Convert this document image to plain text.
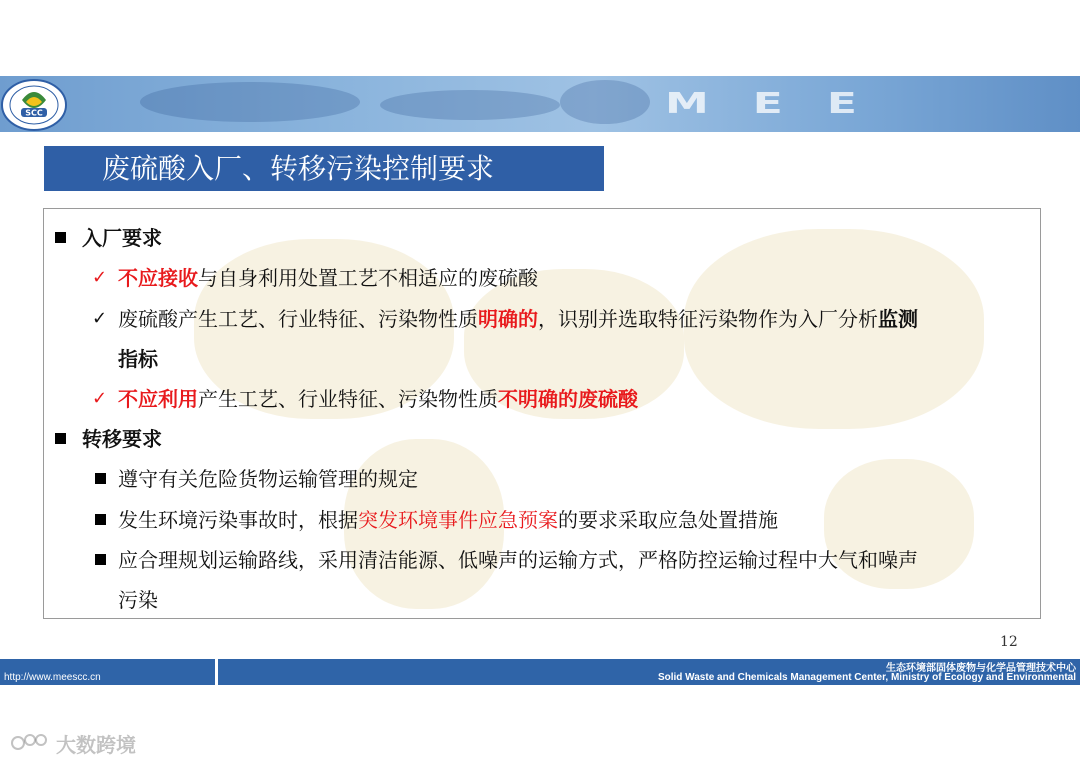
M E E
SCC
废硫酸入厂、转移污染控制要求
入厂要求
✓ 不应接收与自身利用处置工艺不相适应的废硫酸
✓ 废硫酸产生工艺、行业特征、污染物性质明确的，识别并选取特征污染物作为入厂分析监测
指标
✓ 不应利用产生工艺、行业特征、污染物性质不明确的废硫酸
转移要求
遵守有关危险货物运输管理的规定
发生环境污染事故时，根据突发环境事件应急预案的要求采取应急处置措施
应合理规划运输路线，采用清洁能源、低噪声的运输方式，严格防控运输过程中大气和噪声
污染
12
http://www.meescc.cn
生态环境部固体废物与化学品管理技术中心
Solid Waste and Chemicals Management Center, Ministry of Ecology and Environmental
大数跨境
